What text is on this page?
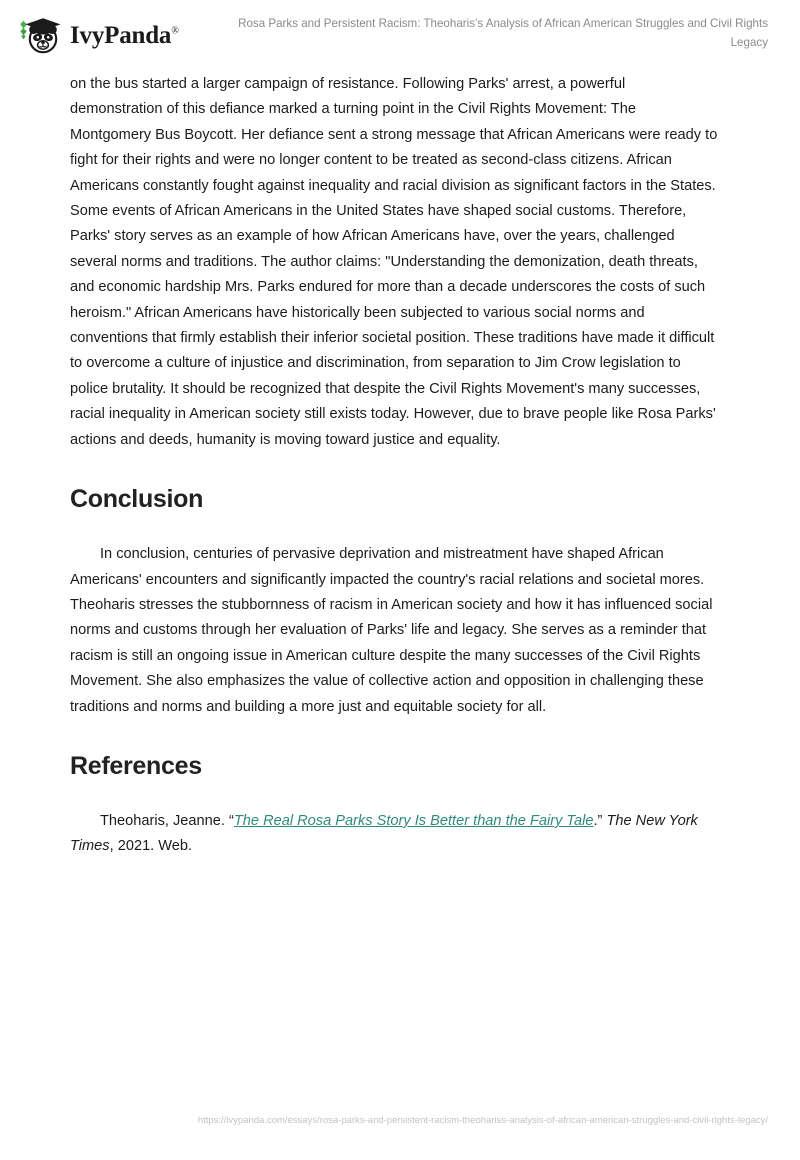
IvyPanda®
Rosa Parks and Persistent Racism: Theoharis’s Analysis of African American Struggles and Civil Rights Legacy

on the bus started a larger campaign of resistance. Following Parks' arrest, a powerful demonstration of this defiance marked a turning point in the Civil Rights Movement: The Montgomery Bus Boycott. Her defiance sent a strong message that African Americans were ready to fight for their rights and were no longer content to be treated as second-class citizens. African Americans constantly fought against inequality and racial division as significant factors in the States. Some events of African Americans in the United States have shaped social customs. Therefore, Parks' story serves as an example of how African Americans have, over the years, challenged several norms and traditions. The author claims: "Understanding the demonization, death threats, and economic hardship Mrs. Parks endured for more than a decade underscores the costs of such heroism." African Americans have historically been subjected to various social norms and conventions that firmly establish their inferior societal position. These traditions have made it difficult to overcome a culture of injustice and discrimination, from separation to Jim Crow legislation to police brutality. It should be recognized that despite the Civil Rights Movement's many successes, racial inequality in American society still exists today. However, due to brave people like Rosa Parks' actions and deeds, humanity is moving toward justice and equality.

Conclusion

In conclusion, centuries of pervasive deprivation and mistreatment have shaped African Americans' encounters and significantly impacted the country's racial relations and societal mores. Theoharis stresses the stubbornness of racism in American society and how it has influenced social norms and customs through her evaluation of Parks' life and legacy. She serves as a reminder that racism is still an ongoing issue in American culture despite the many successes of the Civil Rights Movement. She also emphasizes the value of collective action and opposition in challenging these traditions and norms and building a more just and equitable society for all.

References

Theoharis, Jeanne. “The Real Rosa Parks Story Is Better than the Fairy Tale.” The New York Times, 2021. Web.

https://ivypanda.com/essays/rosa-parks-and-persistent-racism-theohariss-analysis-of-african-american-struggles-and-civil-rights-legacy/
